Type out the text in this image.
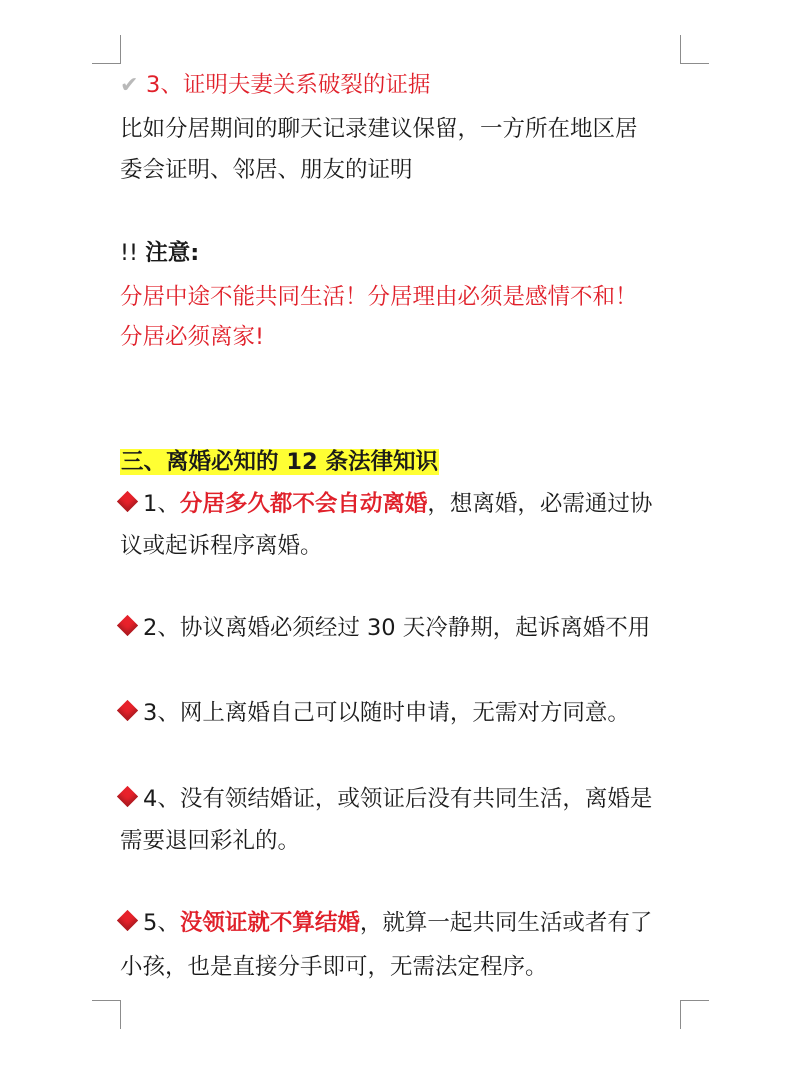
✔ 3、证明夫妻关系破裂的证据
比如分居期间的聊天记录建议保留，一方所在地区居
委会证明、邻居、朋友的证明
!! 注意:
分居中途不能共同生活！分居理由必须是感情不和！
分居必须离家!
三、离婚必知的 12 条法律知识
1、分居多久都不会自动离婚，想离婚，必需通过协
议或起诉程序离婚。
2、协议离婚必须经过 30 天冷静期，起诉离婚不用
3、网上离婚自己可以随时申请，无需对方同意。
4、没有领结婚证，或领证后没有共同生活，离婚是
需要退回彩礼的。
5、没领证就不算结婚，就算一起共同生活或者有了
小孩，也是直接分手即可，无需法定程序。
